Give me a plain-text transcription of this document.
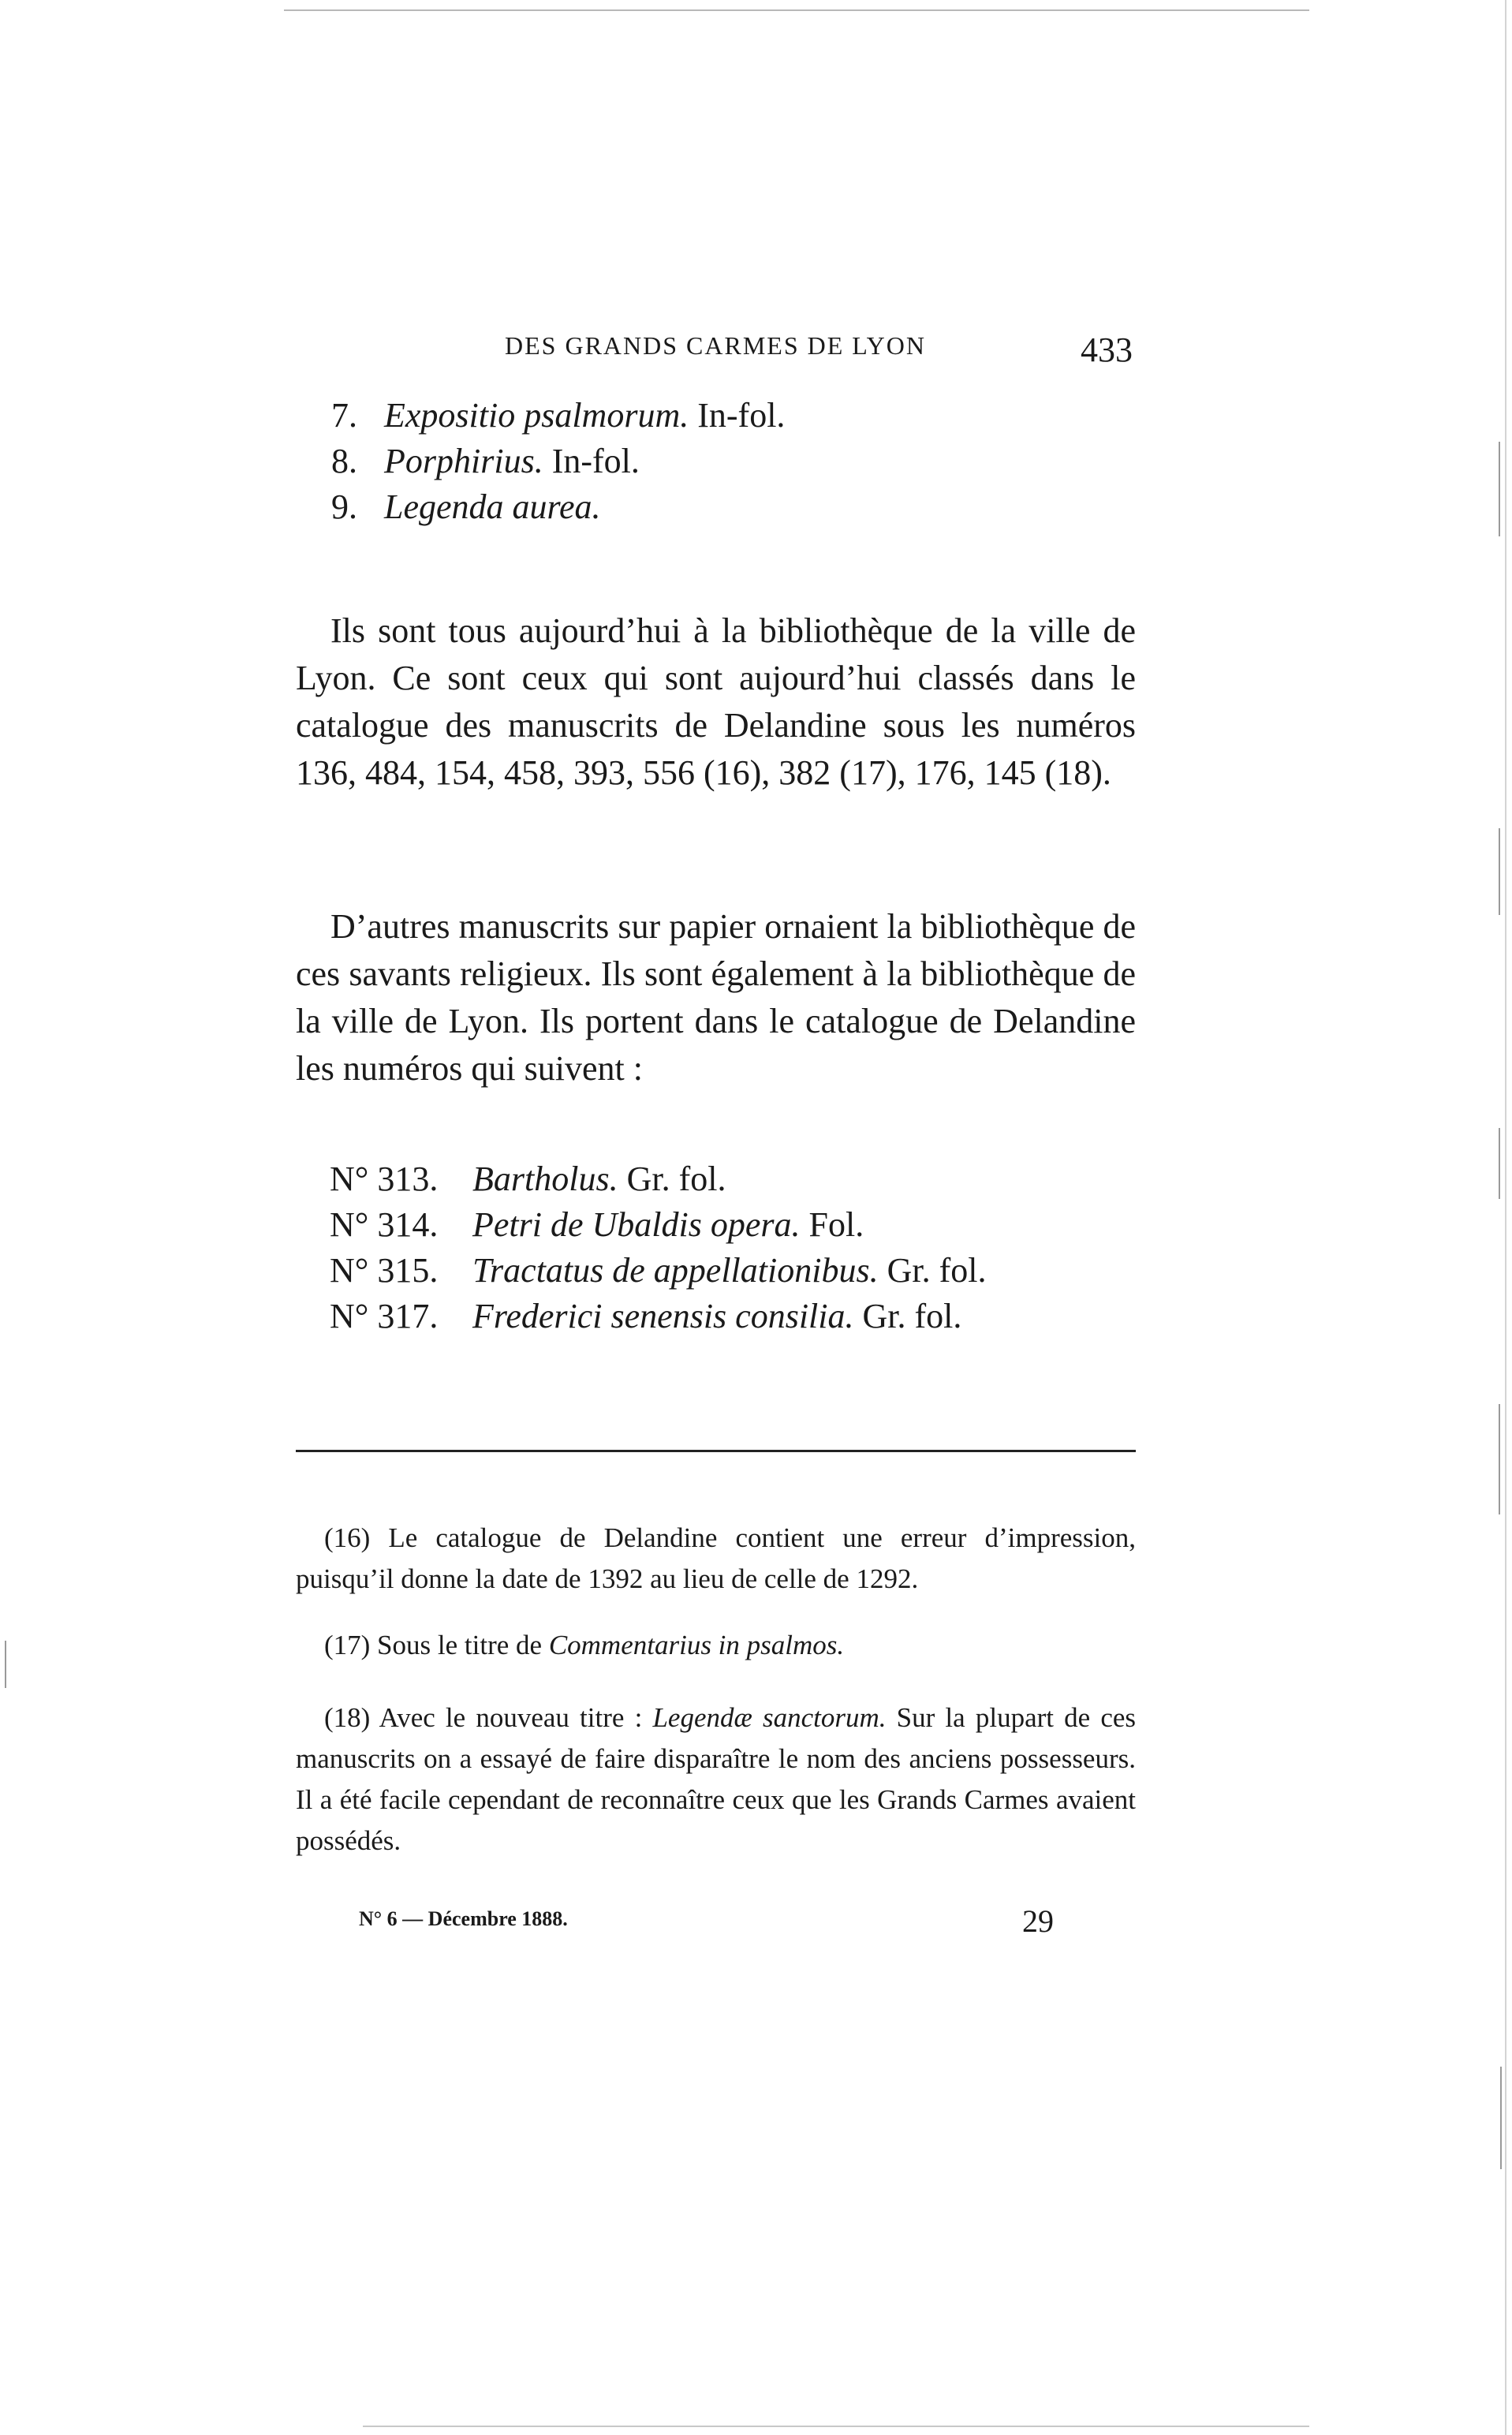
DES GRANDS CARMES DE LYON	433
7. Expositio psalmorum. In-fol.
8. Porphirius. In-fol.
9. Legenda aurea.

Ils sont tous aujourd’hui à la bibliothèque de la ville de Lyon. Ce sont ceux qui sont aujourd’hui classés dans le catalogue des manuscrits de Delandine sous les numéros 136, 484, 154, 458, 393, 556 (16), 382 (17), 176, 145 (18).

D’autres manuscrits sur papier ornaient la bibliothèque de ces savants religieux. Ils sont également à la bibliothèque de la ville de Lyon. Ils portent dans le catalogue de Delandine les numéros qui suivent :

N° 313. Bartholus. Gr. fol.
N° 314. Petri de Ubaldis opera. Fol.
N° 315. Tractatus de appellationibus. Gr. fol.
N° 317. Frederici senensis consilia. Gr. fol.

(16) Le catalogue de Delandine contient une erreur d’impression, puisqu’il donne la date de 1392 au lieu de celle de 1292.

(17) Sous le titre de Commentarius in psalmos.

(18) Avec le nouveau titre : Legendæ sanctorum. Sur la plupart de ces manuscrits on a essayé de faire disparaître le nom des anciens possesseurs. Il a été facile cependant de reconnaître ceux que les Grands Carmes avaient possédés.

N° 6 — Décembre 1888.	29
